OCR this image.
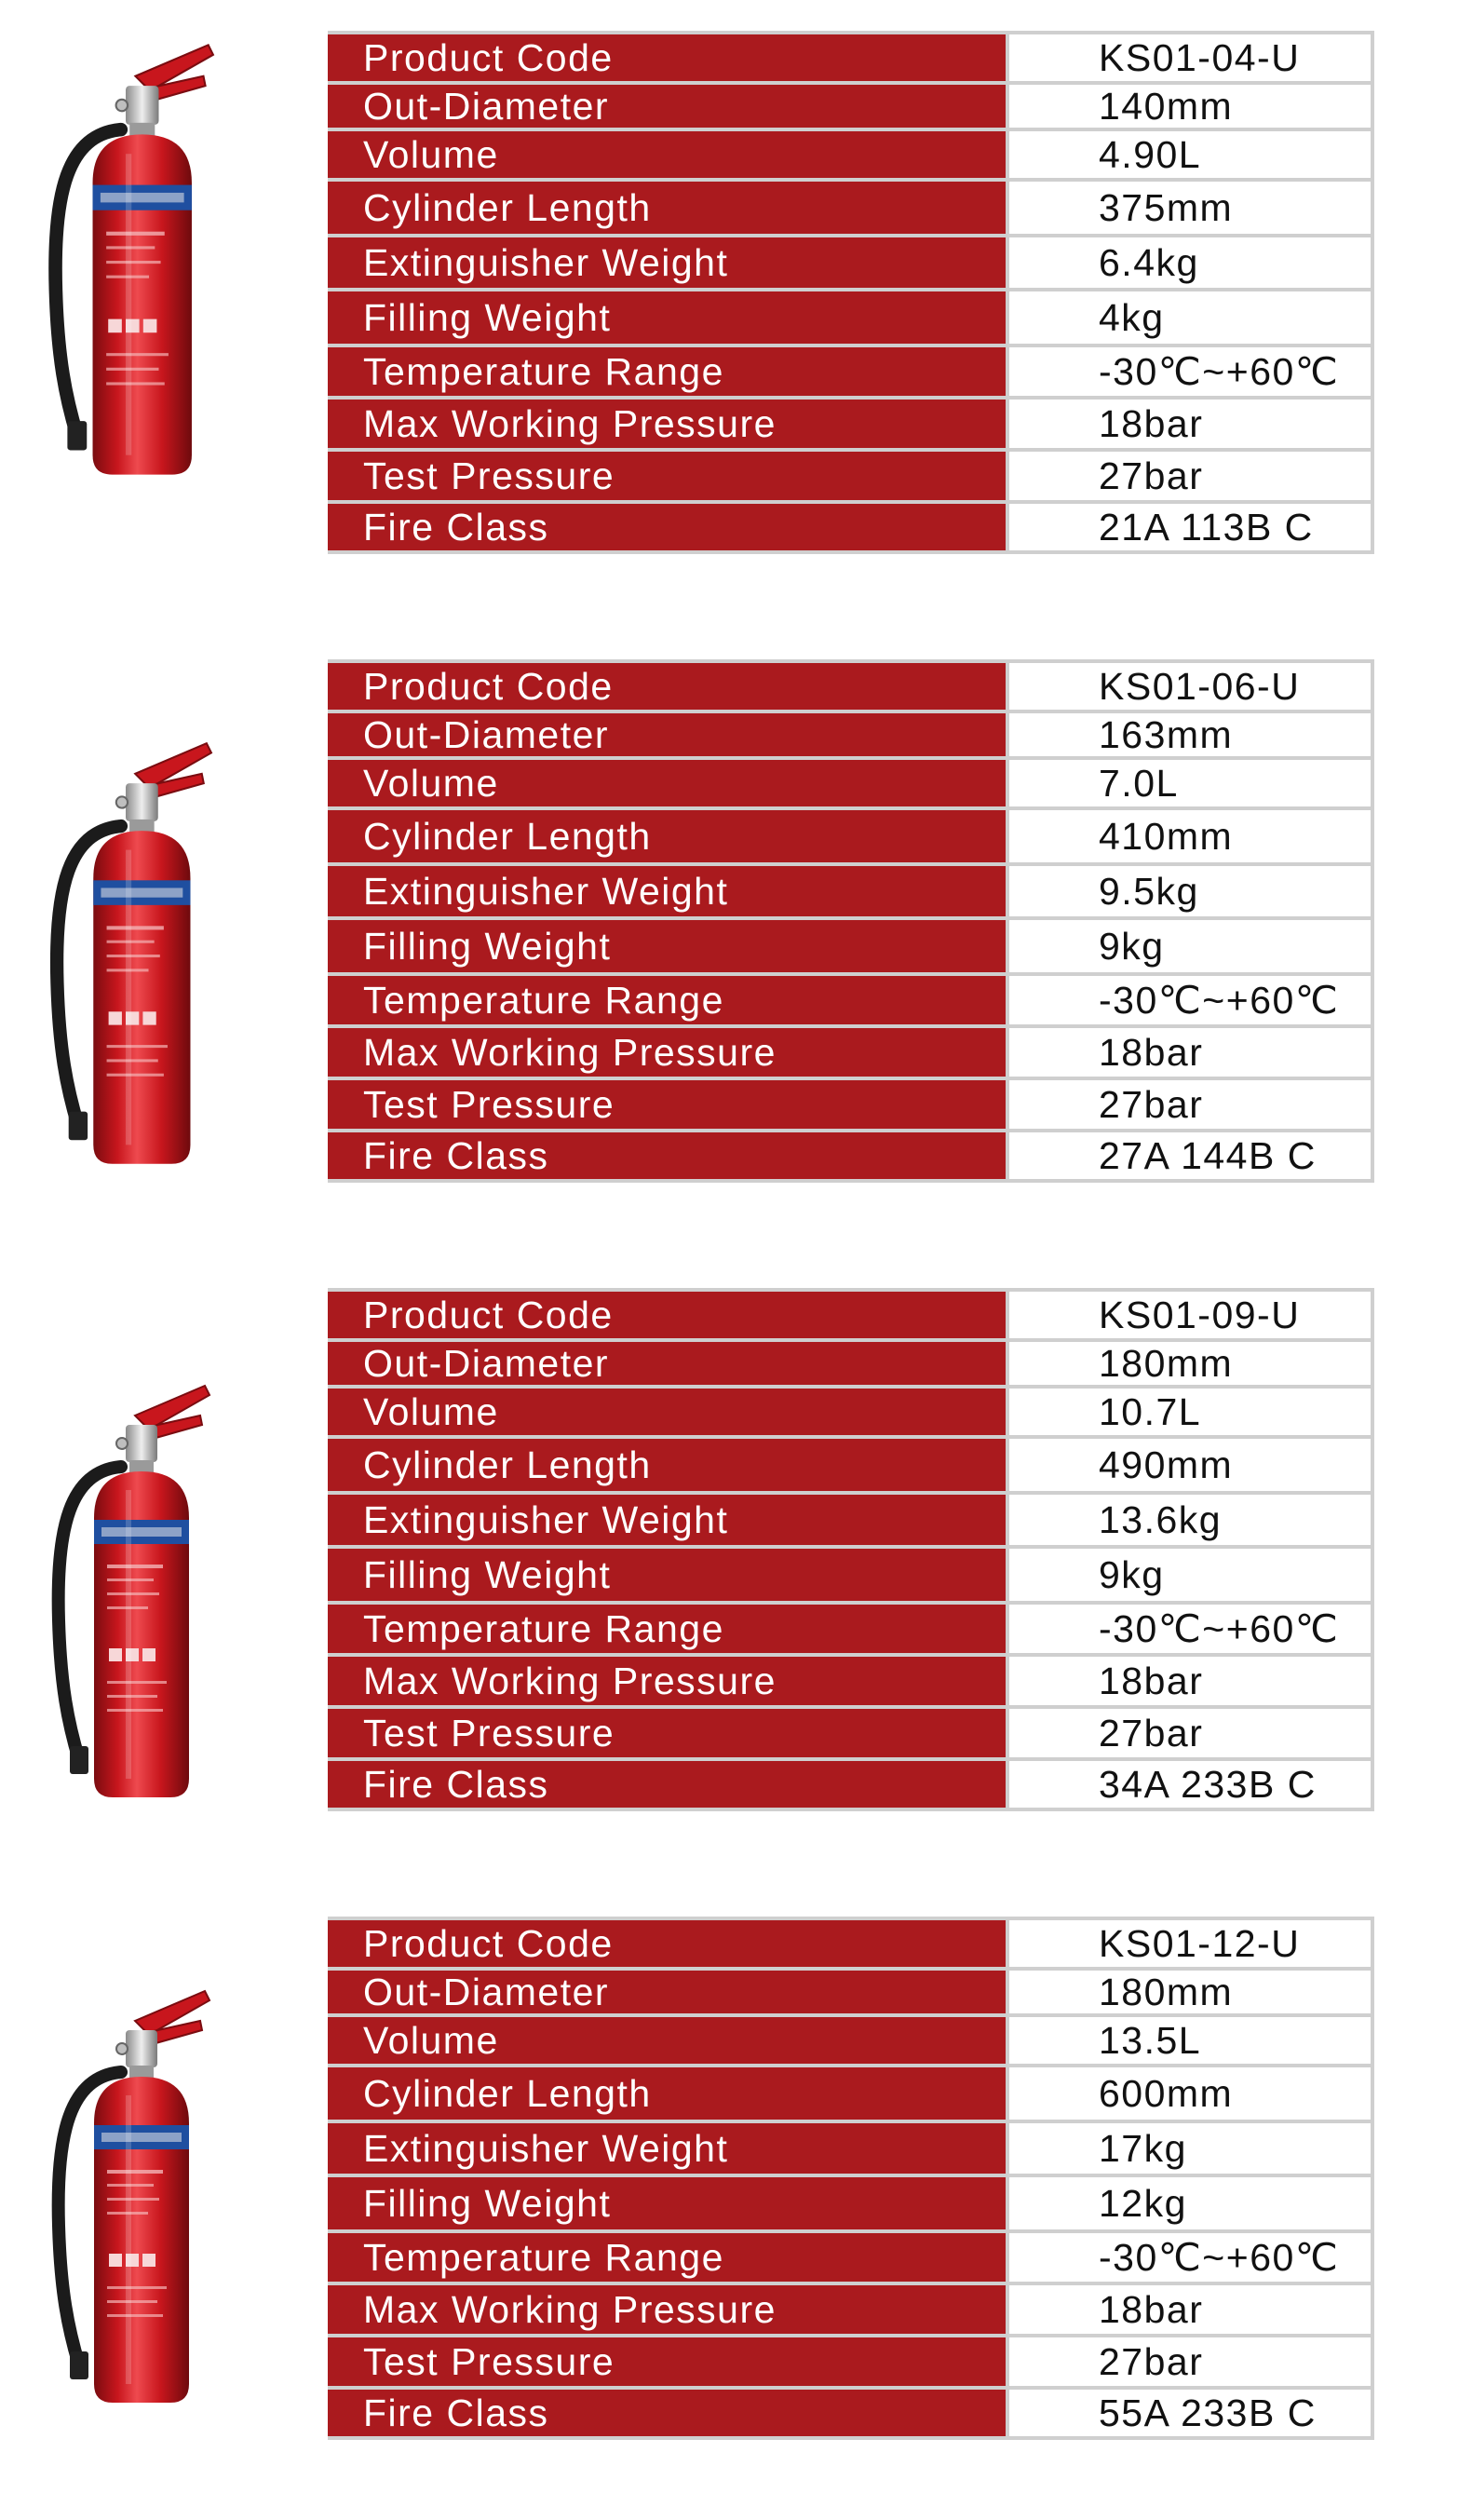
Product Code	KS01-04-U
Out-Diameter	140mm
Volume	4.90L
Cylinder Length	375mm
Extinguisher Weight	6.4kg
Filling Weight	4kg
Temperature Range	-30℃~+60℃
Max Working Pressure	18bar
Test Pressure	27bar
Fire Class	21A 113B C
Product Code	KS01-06-U
Out-Diameter	163mm
Volume	7.0L
Cylinder Length	410mm
Extinguisher Weight	9.5kg
Filling Weight	9kg
Temperature Range	-30℃~+60℃
Max Working Pressure	18bar
Test Pressure	27bar
Fire Class	27A 144B C
Product Code	KS01-09-U
Out-Diameter	180mm
Volume	10.7L
Cylinder Length	490mm
Extinguisher Weight	13.6kg
Filling Weight	9kg
Temperature Range	-30℃~+60℃
Max Working Pressure	18bar
Test Pressure	27bar
Fire Class	34A 233B C
Product Code	KS01-12-U
Out-Diameter	180mm
Volume	13.5L
Cylinder Length	600mm
Extinguisher Weight	17kg
Filling Weight	12kg
Temperature Range	-30℃~+60℃
Max Working Pressure	18bar
Test Pressure	27bar
Fire Class	55A 233B C
